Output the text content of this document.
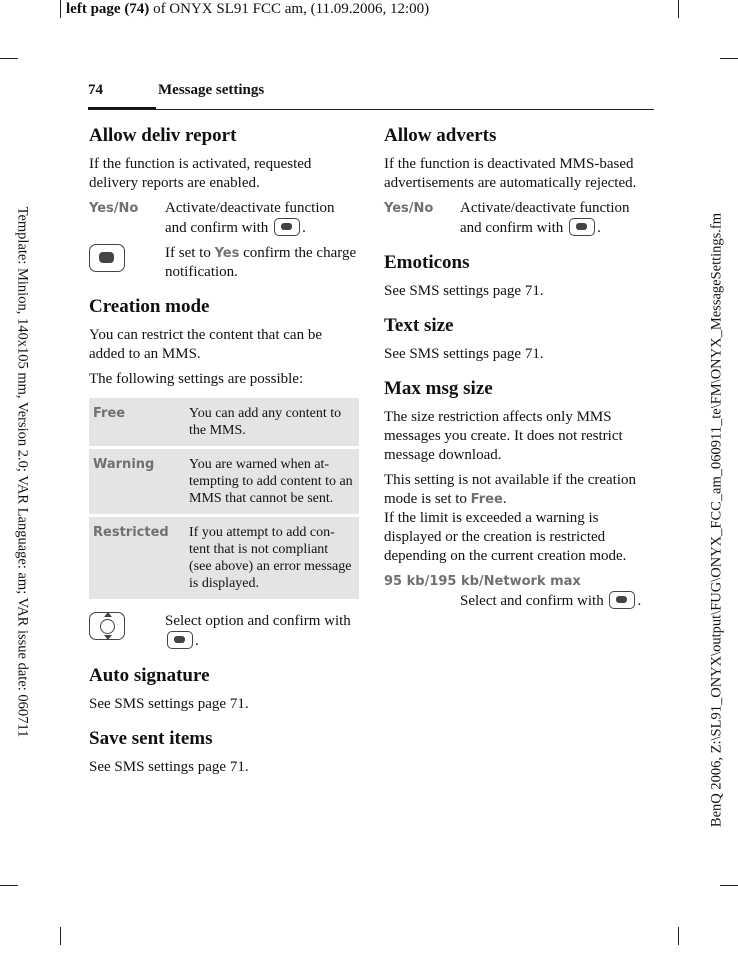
left page (74) of ONYX SL91 FCC am, (11.09.2006, 12:00)
Template: Minion, 140x105 mm, Version 2.0; VAR Language: am; VAR issue date: 060711	BenQ 2006, Z:\SL91_ONYX\output\FUG\ONYX_FCC_am_060911_te\FM\ONYX_MessageSettings.fm
74	Message settings
Allow deliv report

If the function is activated, requested delivery reports are enabled.

Yes/No Activate/deactivate function and confirm with .
If set to Yes confirm the charge notification.
Creation mode

You can restrict the content that can be added to an MMS.

The following settings are possible:

Free	You can add any content to the MMS.
Warning	You are warned when at-tempting to add content to an MMS that cannot be sent.
Restricted	If you attempt to add con-tent that is not compliant (see above) an error message is displayed.
Select option and confirm with .
Auto signature

See SMS settings page 71.

Save sent items

See SMS settings page 71.

Allow adverts

If the function is deactivated MMS-based advertisements are automatically rejected.

Yes/No Activate/deactivate function and confirm with .
Emoticons

See SMS settings page 71.

Text size

See SMS settings page 71.

Max msg size

The size restriction affects only MMS messages you create. It does not restrict message download.

This setting is not available if the creation mode is set to Free.

If the limit is exceeded a warning is displayed or the creation is restricted depending on the current creation mode.

95 kb/195 kb/Network max
Select and confirm with .
